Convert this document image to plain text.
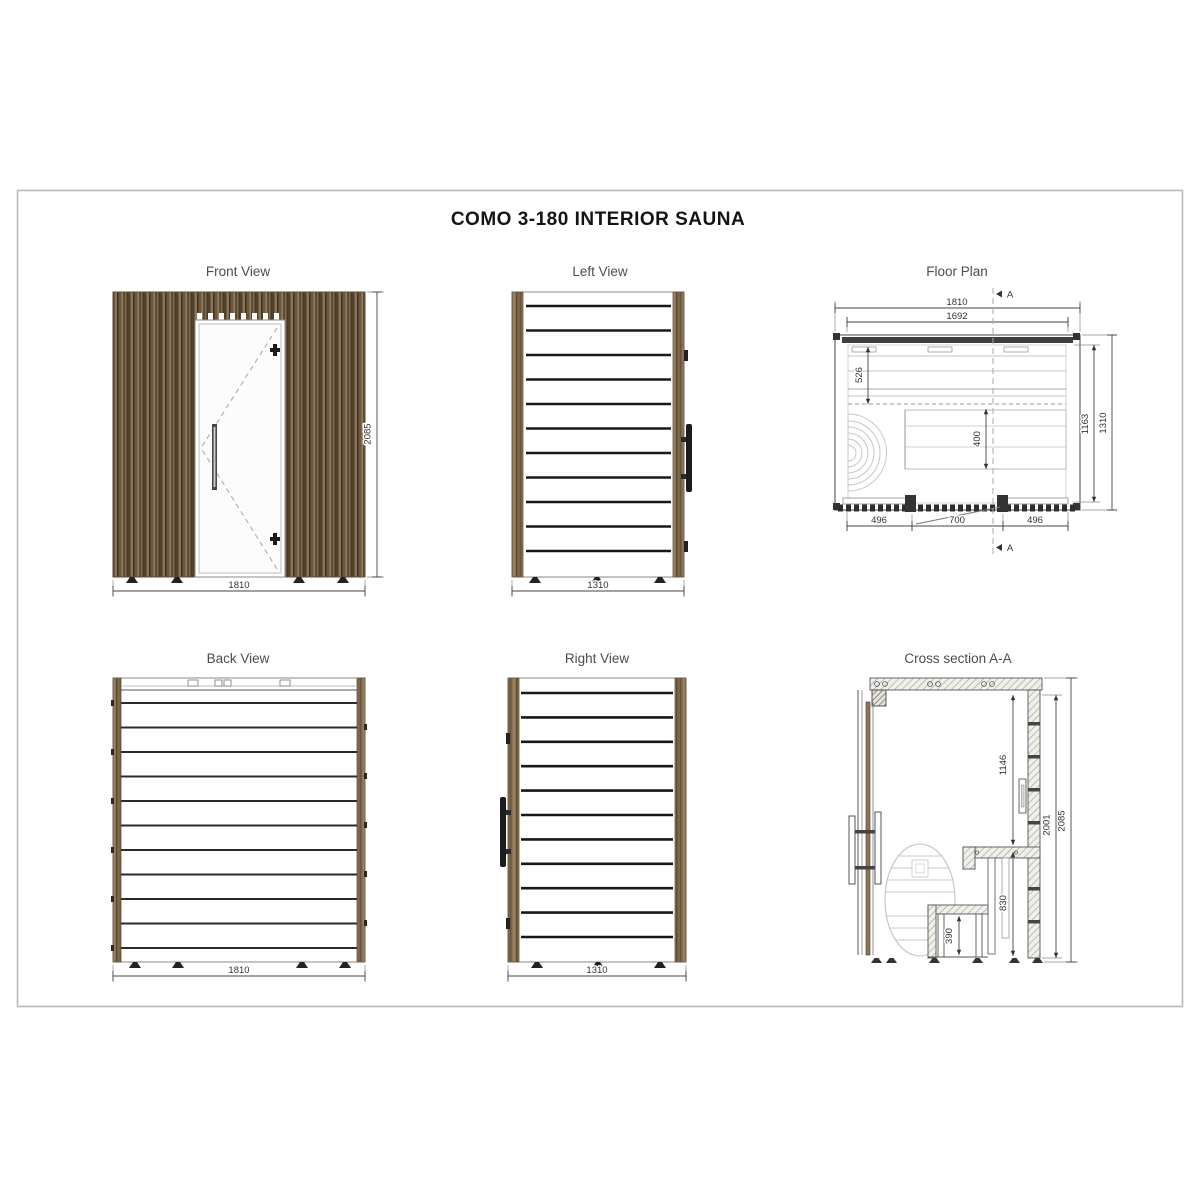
COMO 3-180 INTERIOR SAUNA
Front View
2085
1810
Left View
1310
Floor Plan
1810
1692
526
400
1163 1310
496	700	496
A
A
Back View
1810
Right View
1310
Cross section A-A
390
1146
830
2001 2085
